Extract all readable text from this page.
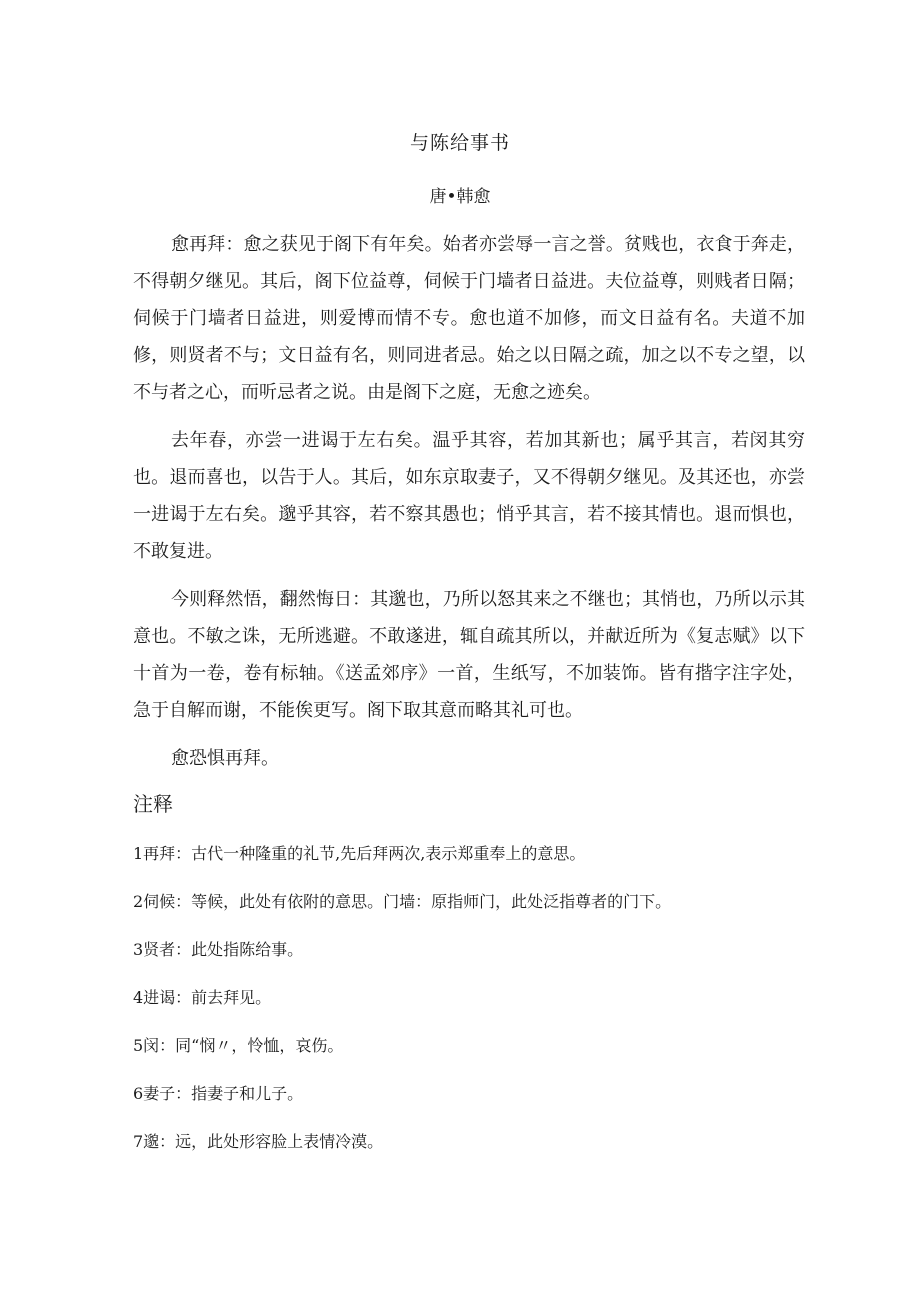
与陈给事书
唐•韩愈

愈再拜：愈之获见于阁下有年矣。始者亦尝辱一言之誉。贫贱也，衣食于奔走，不得朝夕继见。其后，阁下位益尊，伺候于门墙者日益进。夫位益尊，则贱者日隔；伺候于门墙者日益进，则爱博而情不专。愈也道不加修，而文日益有名。夫道不加修，则贤者不与；文日益有名，则同进者忌。始之以日隔之疏，加之以不专之望，以不与者之心，而听忌者之说。由是阁下之庭，无愈之迹矣。

去年春，亦尝一进谒于左右矣。温乎其容，若加其新也；属乎其言，若闵其穷也。退而喜也，以告于人。其后，如东京取妻子，又不得朝夕继见。及其还也，亦尝一进谒于左右矣。邈乎其容，若不察其愚也；悄乎其言，若不接其情也。退而惧也，不敢复进。

今则释然悟，翻然悔日：其邈也，乃所以怒其来之不继也；其悄也，乃所以示其意也。不敏之诛，无所逃避。不敢遂进，辄自疏其所以，并献近所为《复志赋》以下十首为一卷，卷有标轴。《送孟郊序》一首，生纸写，不加装饰。皆有揩字注字处，急于自解而谢，不能俟更写。阁下取其意而略其礼可也。

愈恐惧再拜。

注释
1再拜：古代一种隆重的礼节,先后拜两次,表示郑重奉上的意思。
2伺候：等候，此处有依附的意思。门墙：原指师门，此处泛指尊者的门下。
3贤者：此处指陈给事。
4进谒：前去拜见。
5闵：同“悯〃，怜恤，哀伤。
6妻子：指妻子和儿子。
7邈：远，此处形容脸上表情冷漠。
